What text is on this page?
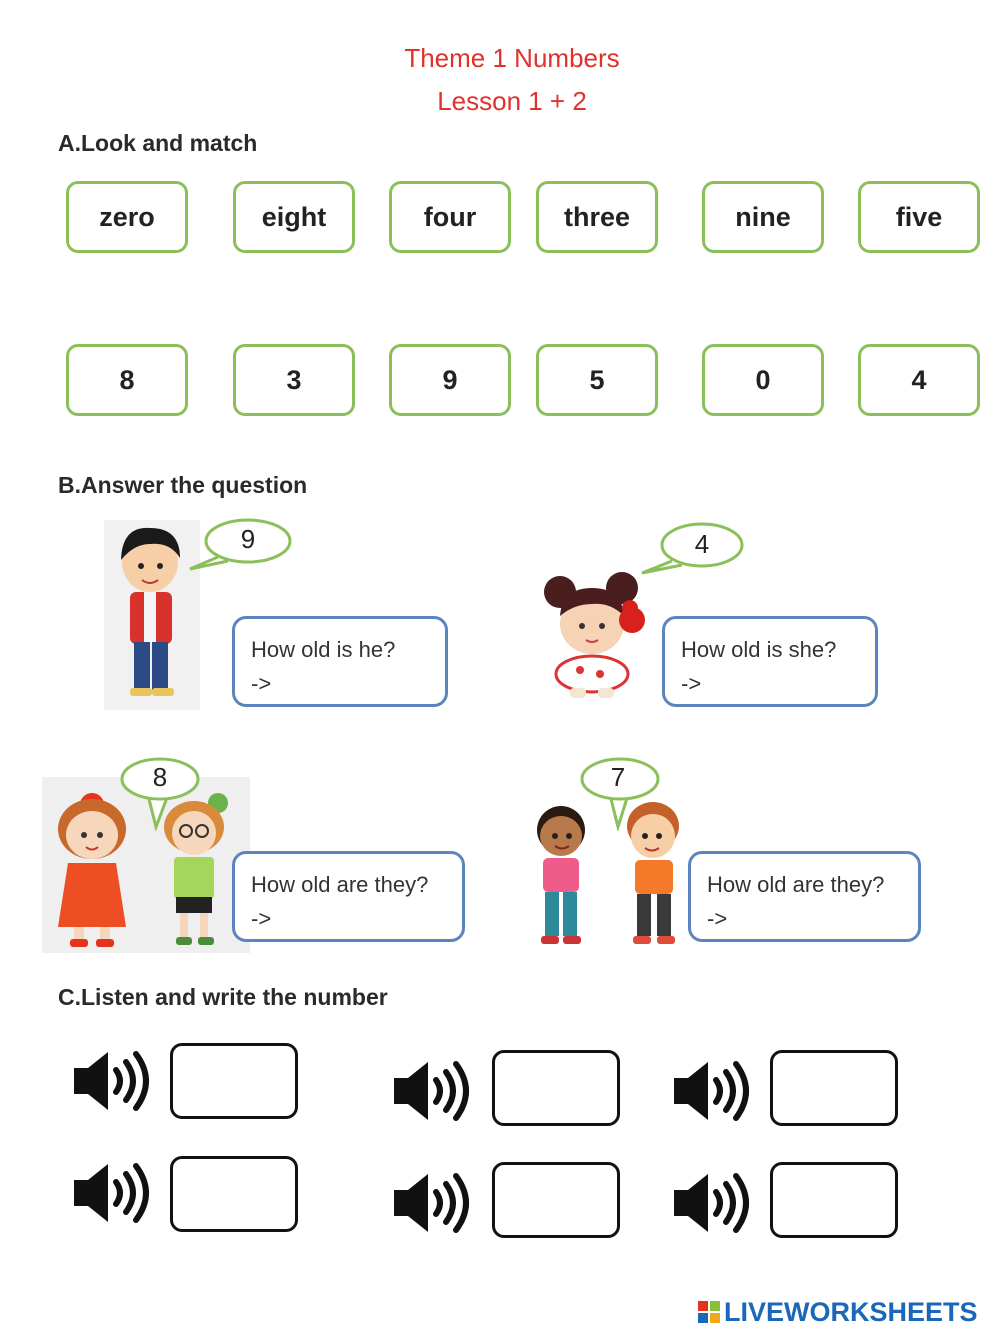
Theme 1 Numbers
Lesson 1 + 2
A.Look and match
zero	eight	four	three	nine	five
8	3	9	5	0	4
B.Answer the question
9
How old is he?
->
4
How old is she?
->
8
How old are they?
->
7
How old are they?
->
C.Listen and write the number
LIVEWORKSHEETS
